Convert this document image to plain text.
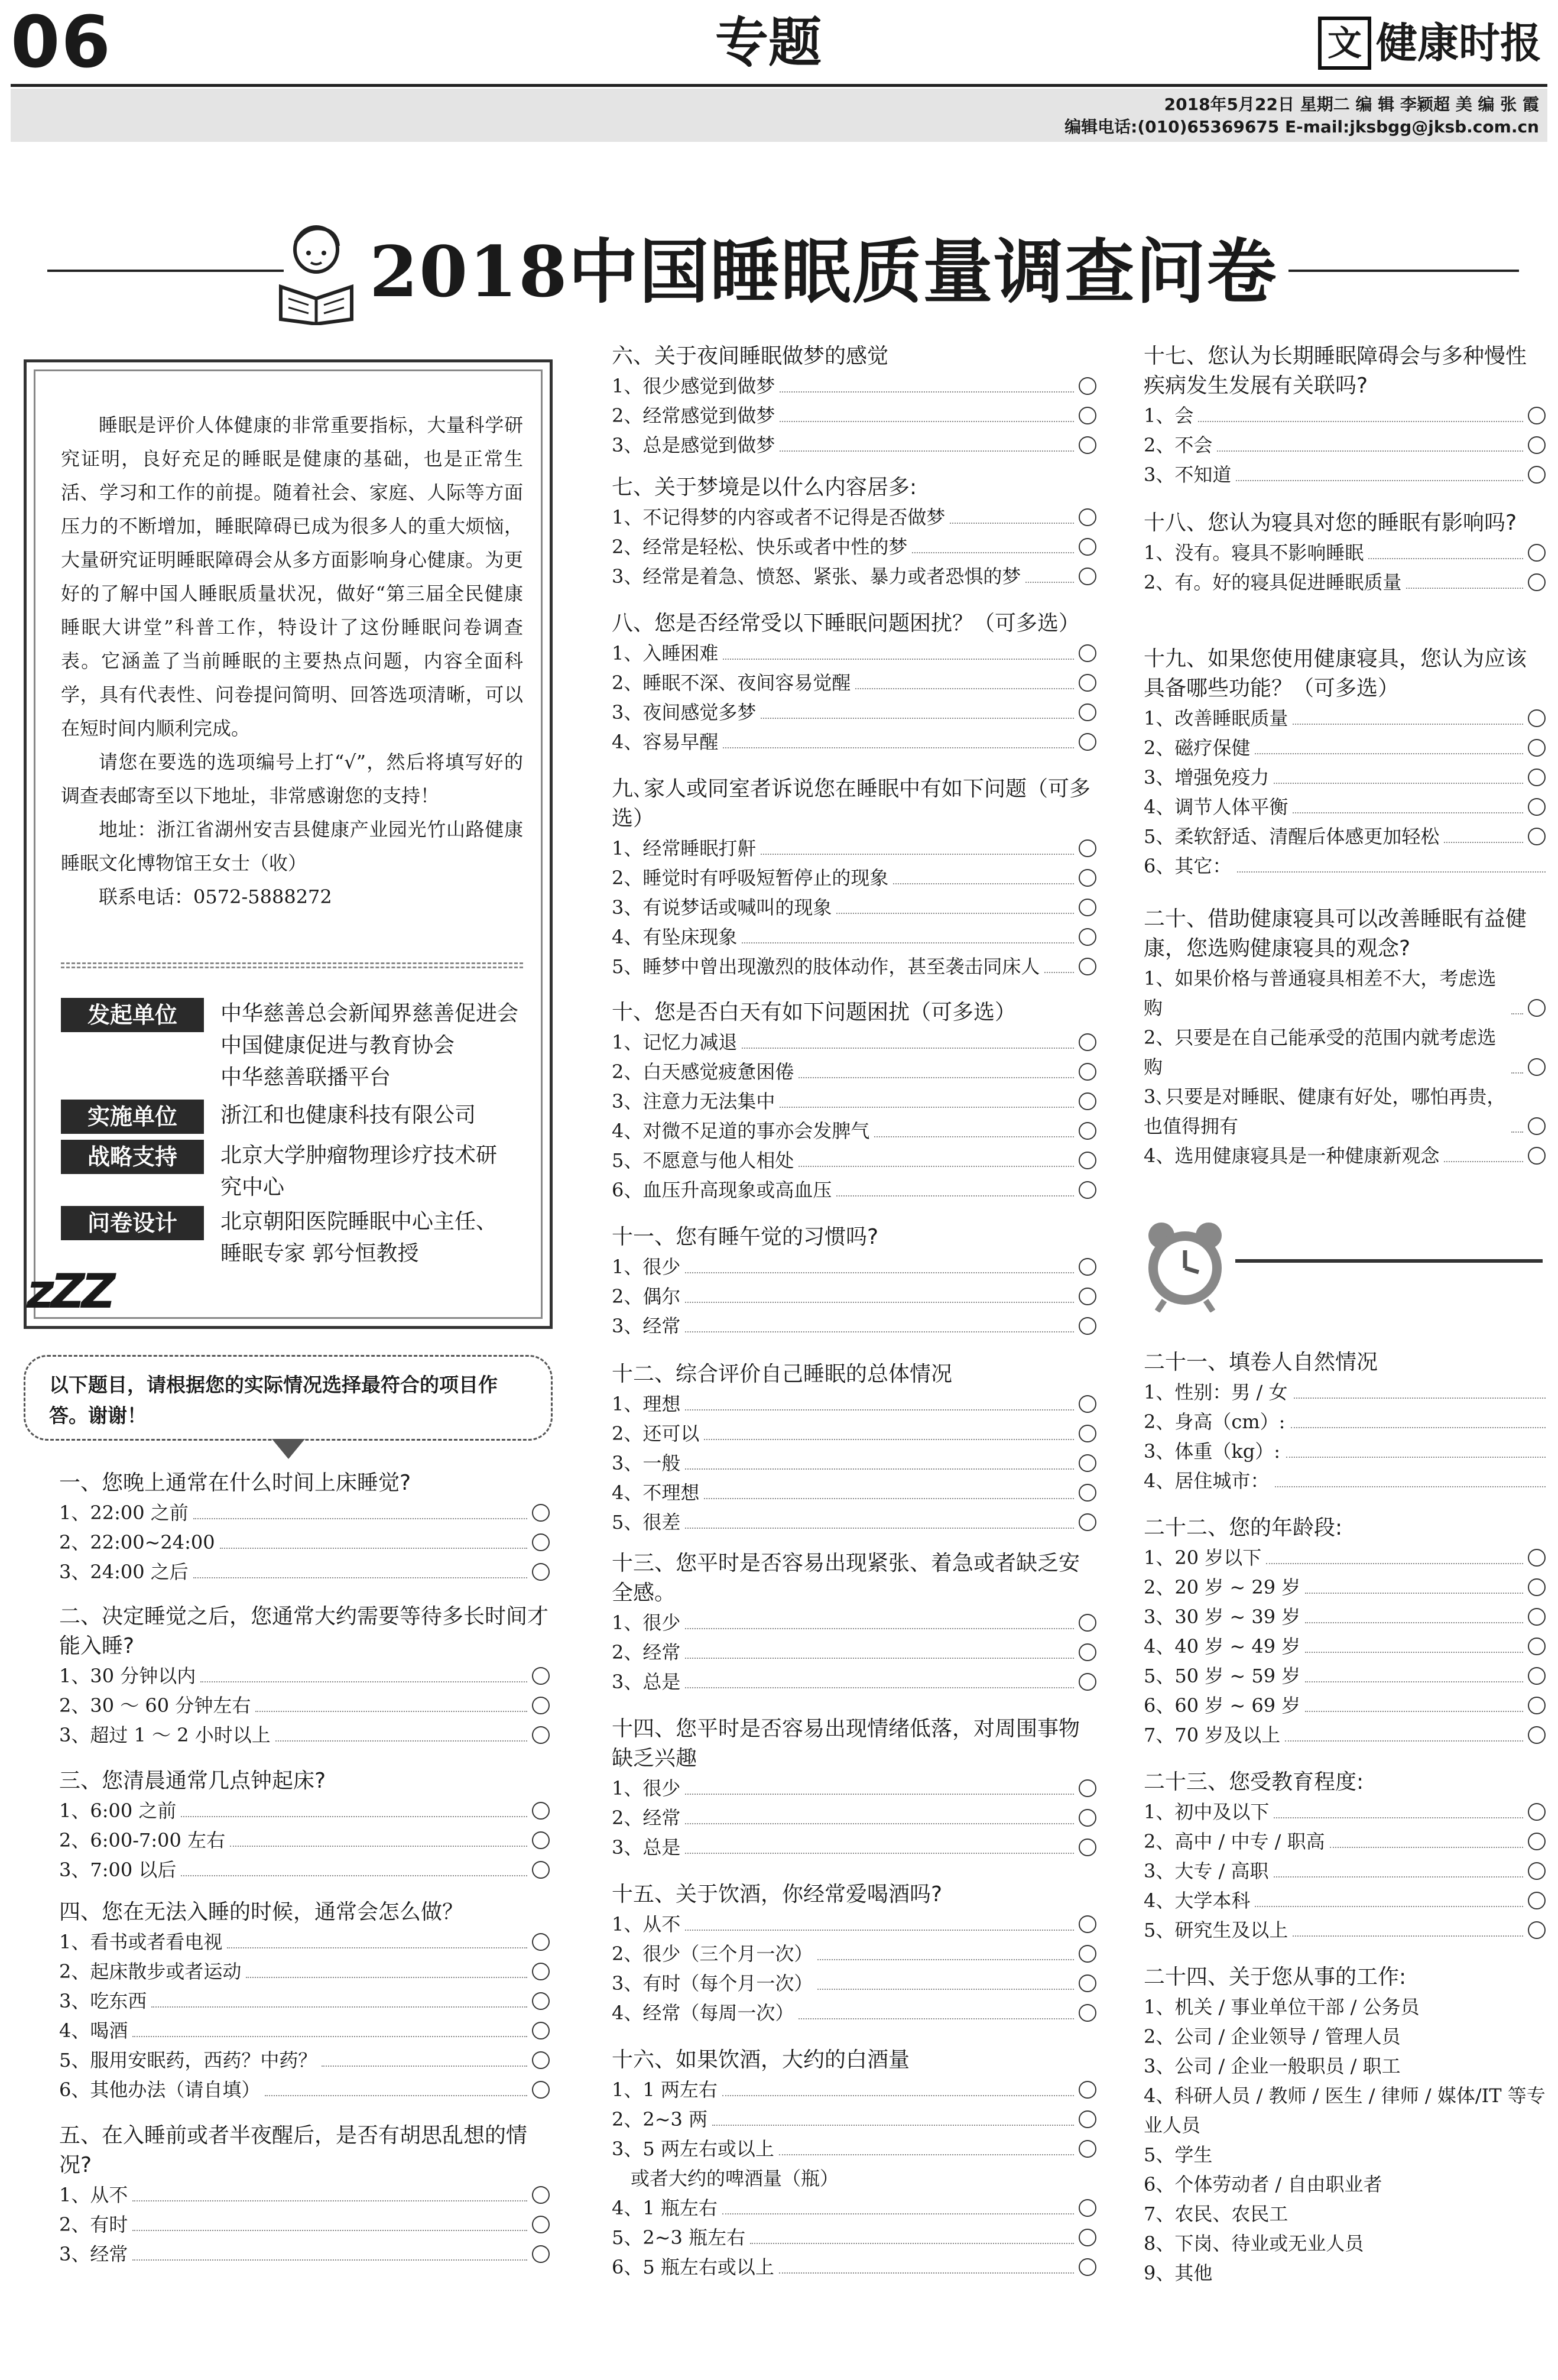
06	专题	文 健康时报
2018年5月22日 星期二 编 辑 李颖超 美 编 张 霞
编辑电话:(010)65369675 E-mail:jksbgg@jksb.com.cn
2018中国睡眠质量调查问卷

睡眠是评价人体健康的非常重要指标，大量科学研究证明，良好充足的睡眠是健康的基础，也是正常生活、学习和工作的前提。随着社会、家庭、人际等方面压力的不断增加，睡眠障碍已成为很多人的重大烦恼，大量研究证明睡眠障碍会从多方面影响身心健康。为更好的了解中国人睡眠质量状况，做好“第三届全民健康睡眠大讲堂”科普工作，特设计了这份睡眠问卷调查表。它涵盖了当前睡眠的主要热点问题，内容全面科学，具有代表性、问卷提问简明、回答选项清晰，可以在短时间内顺利完成。

请您在要选的选项编号上打“√”，然后将填写好的调查表邮寄至以下地址，非常感谢您的支持！

地址：浙江省湖州安吉县健康产业园光竹山路健康睡眠文化博物馆王女士（收）

联系电话：0572-5888272

发起单位	中华慈善总会新闻界慈善促进会
中国健康促进与教育协会
中华慈善联播平台
实施单位	浙江和也健康科技有限公司
战略支持	北京大学肿瘤物理诊疗技术研
究中心
问卷设计	北京朝阳医院睡眠中心主任、
睡眠专家 郭兮恒教授
zZZ
以下题目，请根据您的实际情况选择最符合的项目作答。谢谢！
一、您晚上通常在什么时间上床睡觉?
1、22:00 之前
2、22:00~24:00
3、24:00 之后
二、决定睡觉之后，您通常大约需要等待多长时间才能入睡?
1、30 分钟以内
2、30 ～ 60 分钟左右
3、超过 1 ～ 2 小时以上
三、您清晨通常几点钟起床?
1、6:00 之前
2、6:00-7:00 左右
3、7:00 以后
四、您在无法入睡的时候，通常会怎么做？
1、看书或者看电视
2、起床散步或者运动
3、吃东西
4、喝酒
5、服用安眠药，西药？中药？
6、其他办法（请自填）
五、在入睡前或者半夜醒后，是否有胡思乱想的情况?
1、从不
2、有时
3、经常
六、关于夜间睡眠做梦的感觉
1、很少感觉到做梦
2、经常感觉到做梦
3、总是感觉到做梦
七、关于梦境是以什么内容居多:
1、不记得梦的内容或者不记得是否做梦
2、经常是轻松、快乐或者中性的梦
3、经常是着急、愤怒、紧张、暴力或者恐惧的梦
八、您是否经常受以下睡眠问题困扰？（可多选）
1、入睡困难
2、睡眠不深、夜间容易觉醒
3、夜间感觉多梦
4、容易早醒
九､家人或同室者诉说您在睡眠中有如下问题（可多选）
1、经常睡眠打鼾
2、睡觉时有呼吸短暂停止的现象
3、有说梦话或喊叫的现象
4、有坠床现象
5、睡梦中曾出现激烈的肢体动作，甚至袭击同床人
十、您是否白天有如下问题困扰（可多选）
1、记忆力减退
2、白天感觉疲惫困倦
3、注意力无法集中
4、对微不足道的事亦会发脾气
5、不愿意与他人相处
6、血压升高现象或高血压
十一、您有睡午觉的习惯吗?
1、很少
2、偶尔
3、经常
十二、综合评价自己睡眠的总体情况
1、理想
2、还可以
3、一般
4、不理想
5、很差
十三、您平时是否容易出现紧张、着急或者缺乏安全感。
1、很少
2、经常
3、总是
十四、您平时是否容易出现情绪低落，对周围事物缺乏兴趣
1、很少
2、经常
3、总是
十五、关于饮酒，你经常爱喝酒吗?
1、从不
2、很少（三个月一次）
3、有时（每个月一次）
4、经常（每周一次）
十六、如果饮酒，大约的白酒量
1、1 两左右
2、2~3 两
3、5 两左右或以上
或者大约的啤酒量（瓶）
4、1 瓶左右
5、2~3 瓶左右
6、5 瓶左右或以上
十七、您认为长期睡眠障碍会与多种慢性疾病发生发展有关联吗?
1、会
2、不会
3、不知道
十八、您认为寝具对您的睡眠有影响吗?
1、没有。寝具不影响睡眠
2、有。好的寝具促进睡眠质量
十九、如果您使用健康寝具，您认为应该具备哪些功能？（可多选）
1、改善睡眠质量
2、磁疗保健
3、增强免疫力
4、调节人体平衡
5、柔软舒适、清醒后体感更加轻松
6、其它：
二十、借助健康寝具可以改善睡眠有益健康，您选购健康寝具的观念?
1、如果价格与普通寝具相差不大，考虑选购
2、只要是在自己能承受的范围内就考虑选购
3､只要是对睡眠、健康有好处，哪怕再贵，也值得拥有
4、选用健康寝具是一种健康新观念
二十一、填卷人自然情况
1、性别：男 / 女
2、身高（cm）:
3、体重（kg）:
4、居住城市：
二十二、您的年龄段:
1、20 岁以下
2、20 岁 ~ 29 岁
3、30 岁 ~ 39 岁
4、40 岁 ~ 49 岁
5、50 岁 ~ 59 岁
6、60 岁 ~ 69 岁
7、70 岁及以上
二十三、您受教育程度:
1、初中及以下
2、高中 / 中专 / 职高
3、大专 / 高职
4、大学本科
5、研究生及以上
二十四、关于您从事的工作:
1、机关 / 事业单位干部 / 公务员
2、公司 / 企业领导 / 管理人员
3、公司 / 企业一般职员 / 职工
4、科研人员 / 教师 / 医生 / 律师 / 媒体/IT 等专业人员
5、学生
6、个体劳动者 / 自由职业者
7、农民、农民工
8、下岗、待业或无业人员
9、其他
